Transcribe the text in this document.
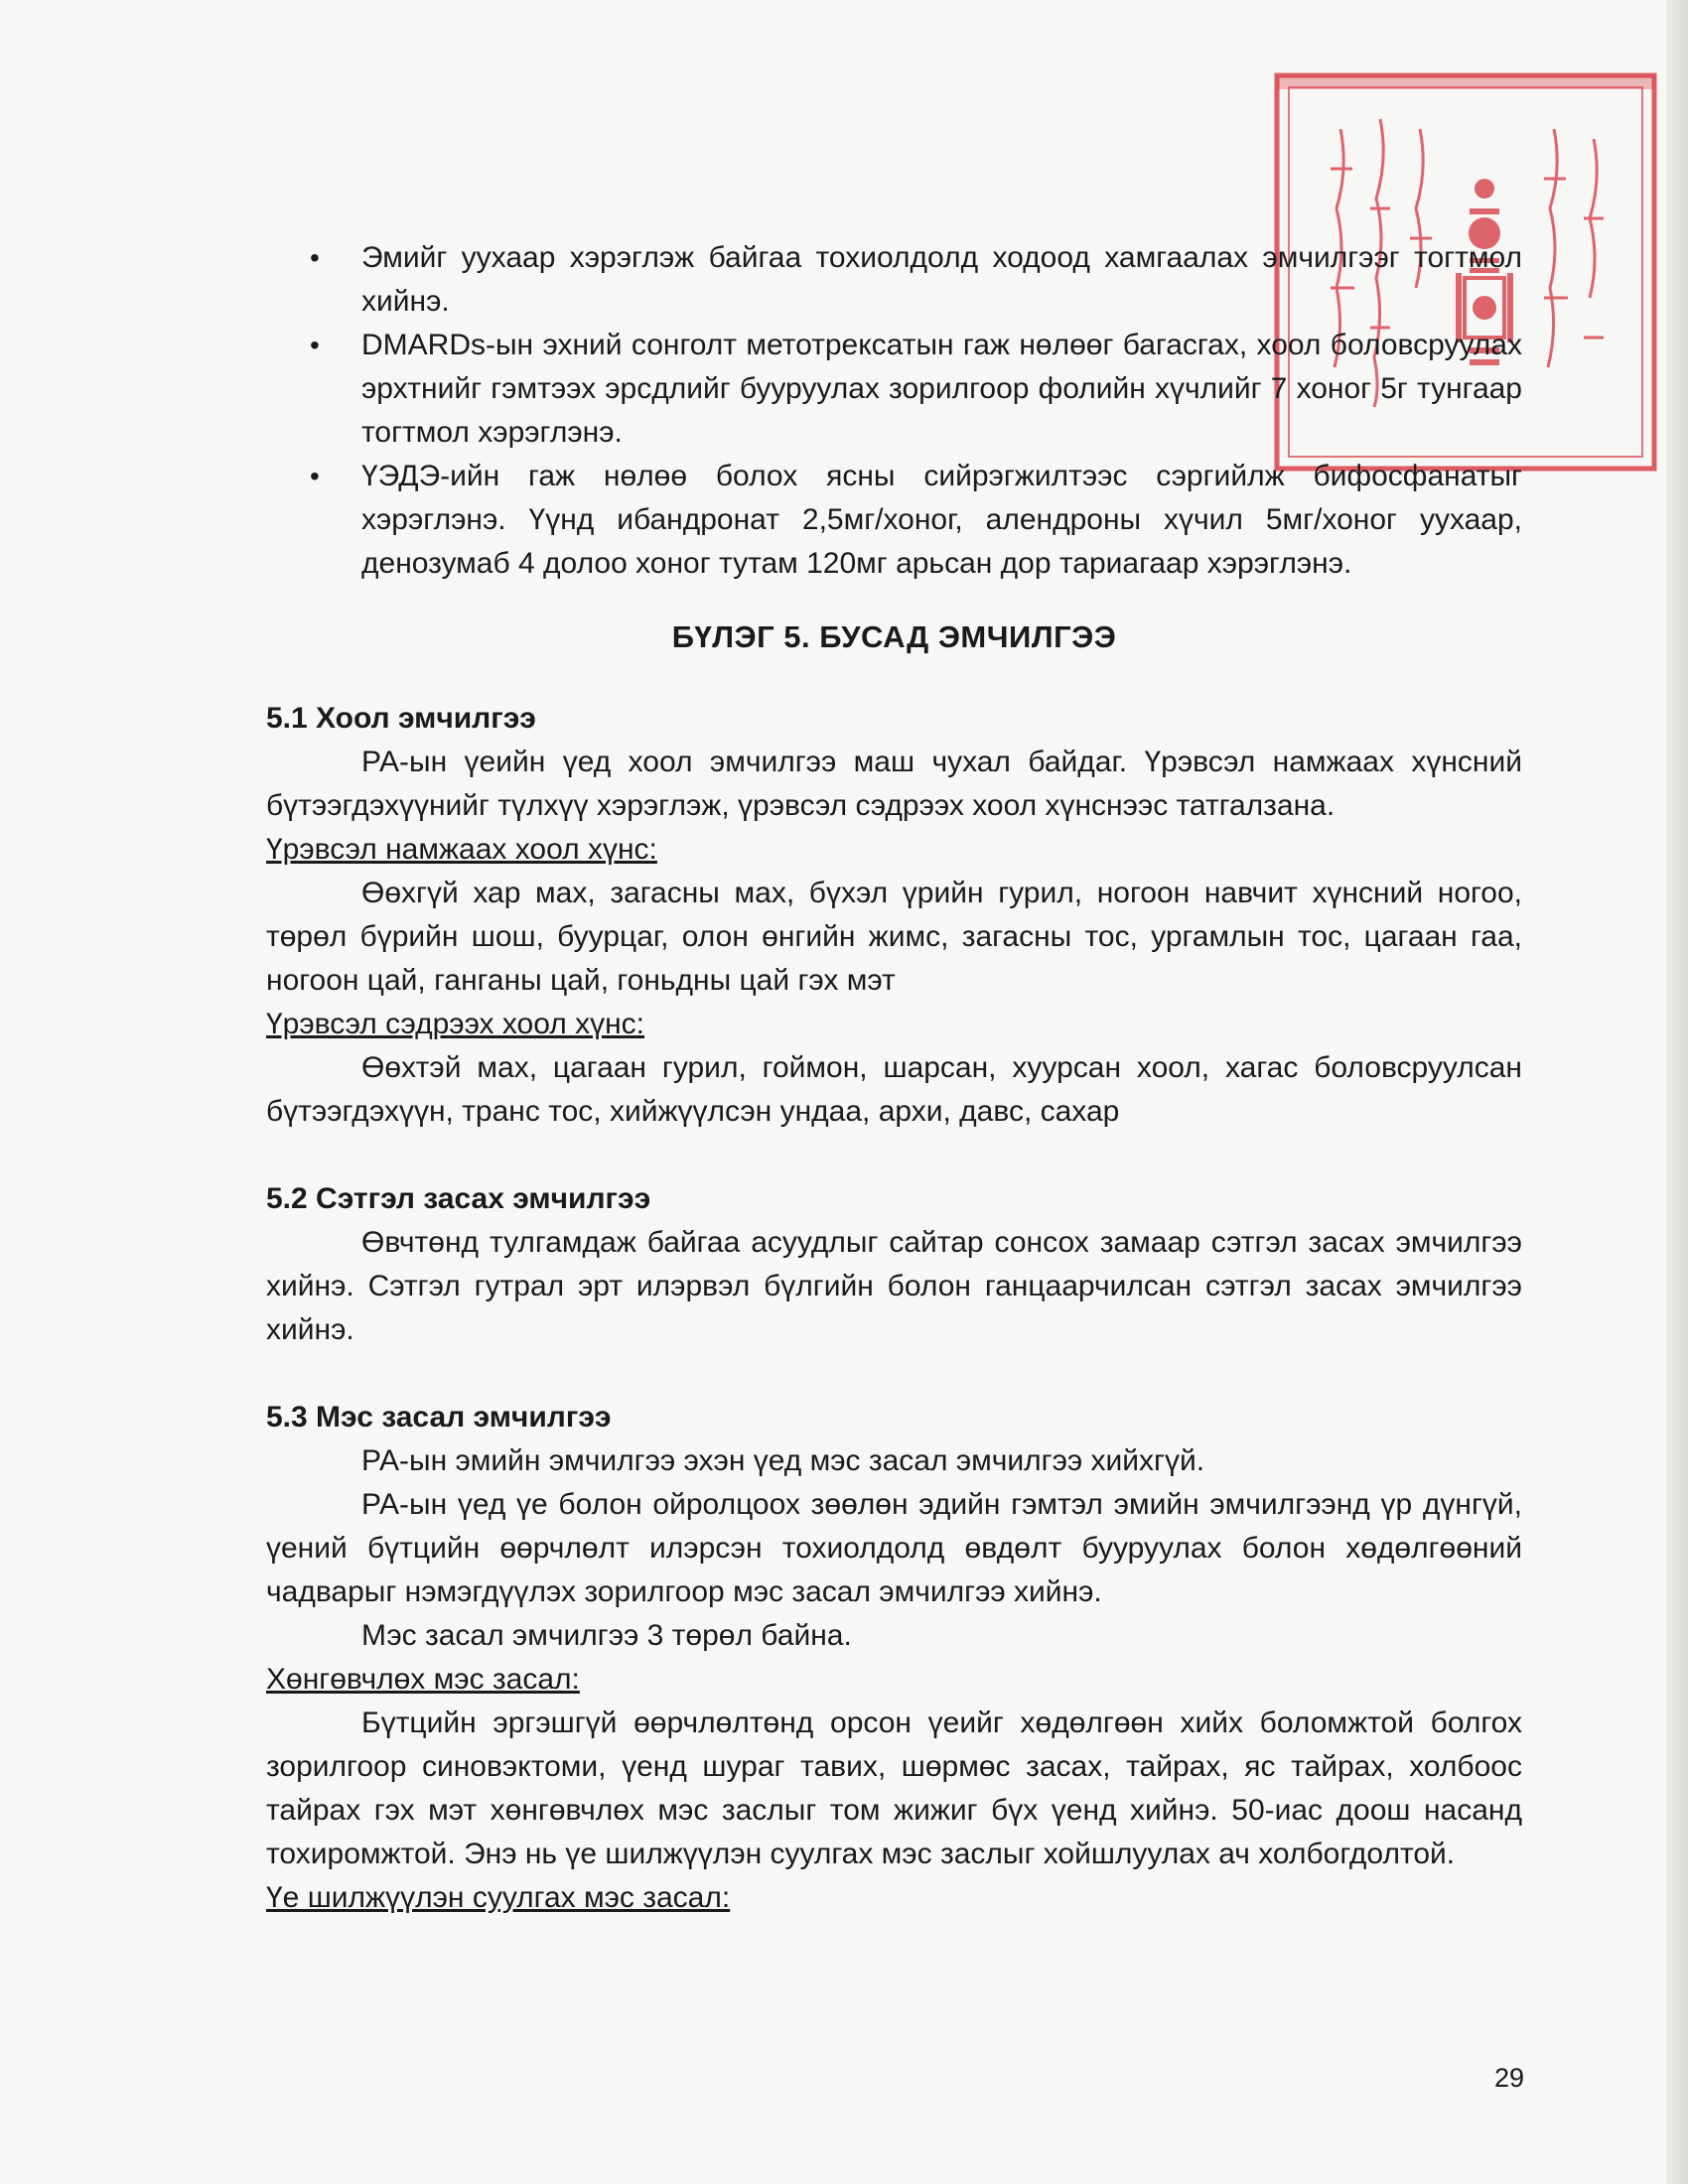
• Эмийг уухаар хэрэглэж байгаа тохиолдолд ходоод хамгаалах эмчилгээг тогтмол хийнэ.
• DMARDs-ын эхний сонголт метотрексатын гаж нөлөөг багасгах, хоол боловсруулах эрхтнийг гэмтээх эрсдлийг бууруулах зорилгоор фолийн хүчлийг 7 хоног 5г тунгаар тогтмол хэрэглэнэ.
• ҮЭДЭ-ийн гаж нөлөө болох ясны сийрэгжилтээс сэргийлж бифосфанатыг хэрэглэнэ. Үүнд ибандронат 2,5мг/хоног, алендроны хүчил 5мг/хоног уухаар, денозумаб 4 долоо хоног тутам 120мг арьсан дор тариагаар хэрэглэнэ.
БҮЛЭГ 5. БУСАД ЭМЧИЛГЭЭ

5.1 Хоол эмчилгээ

РА-ын үеийн үед хоол эмчилгээ маш чухал байдаг. Үрэвсэл намжаах хүнсний бүтээгдэхүүнийг түлхүү хэрэглэж, үрэвсэл сэдрээх хоол хүнснээс татгалзана.

Үрэвсэл намжаах хоол хүнс:

Өөхгүй хар мах, загасны мах, бүхэл үрийн гурил, ногоон навчит хүнсний ногоо, төрөл бүрийн шош, буурцаг, олон өнгийн жимс, загасны тос, ургамлын тос, цагаан гаа, ногоон цай, ганганы цай, гоньдны цай гэх мэт

Үрэвсэл сэдрээх хоол хүнс:

Өөхтэй мах, цагаан гурил, гоймон, шарсан, хуурсан хоол, хагас боловсруулсан бүтээгдэхүүн, транс тос, хийжүүлсэн ундаа, архи, давс, сахар

5.2 Сэтгэл засах эмчилгээ

Өвчтөнд тулгамдаж байгаа асуудлыг сайтар сонсох замаар сэтгэл засах эмчилгээ хийнэ. Сэтгэл гутрал эрт илэрвэл бүлгийн болон ганцаарчилсан сэтгэл засах эмчилгээ хийнэ.

5.3 Мэс засал эмчилгээ

РА-ын эмийн эмчилгээ эхэн үед мэс засал эмчилгээ хийхгүй.

РА-ын үед үе болон ойролцоох зөөлөн эдийн гэмтэл эмийн эмчилгээнд үр дүнгүй, үений бүтцийн өөрчлөлт илэрсэн тохиолдолд өвдөлт бууруулах болон хөдөлгөөний чадварыг нэмэгдүүлэх зорилгоор мэс засал эмчилгээ хийнэ.

Мэс засал эмчилгээ 3 төрөл байна.

Хөнгөвчлөх мэс засал:

Бүтцийн эргэшгүй өөрчлөлтөнд орсон үеийг хөдөлгөөн хийх боломжтой болгох зорилгоор синовэктоми, үенд шураг тавих, шөрмөс засах, тайрах, яс тайрах, холбоос тайрах гэх мэт хөнгөвчлөх мэс заслыг том жижиг бүх үенд хийнэ. 50-иас доош насанд тохиромжтой. Энэ нь үе шилжүүлэн суулгах мэс заслыг хойшлуулах ач холбогдолтой.

Үе шилжүүлэн суулгах мэс засал:

29
